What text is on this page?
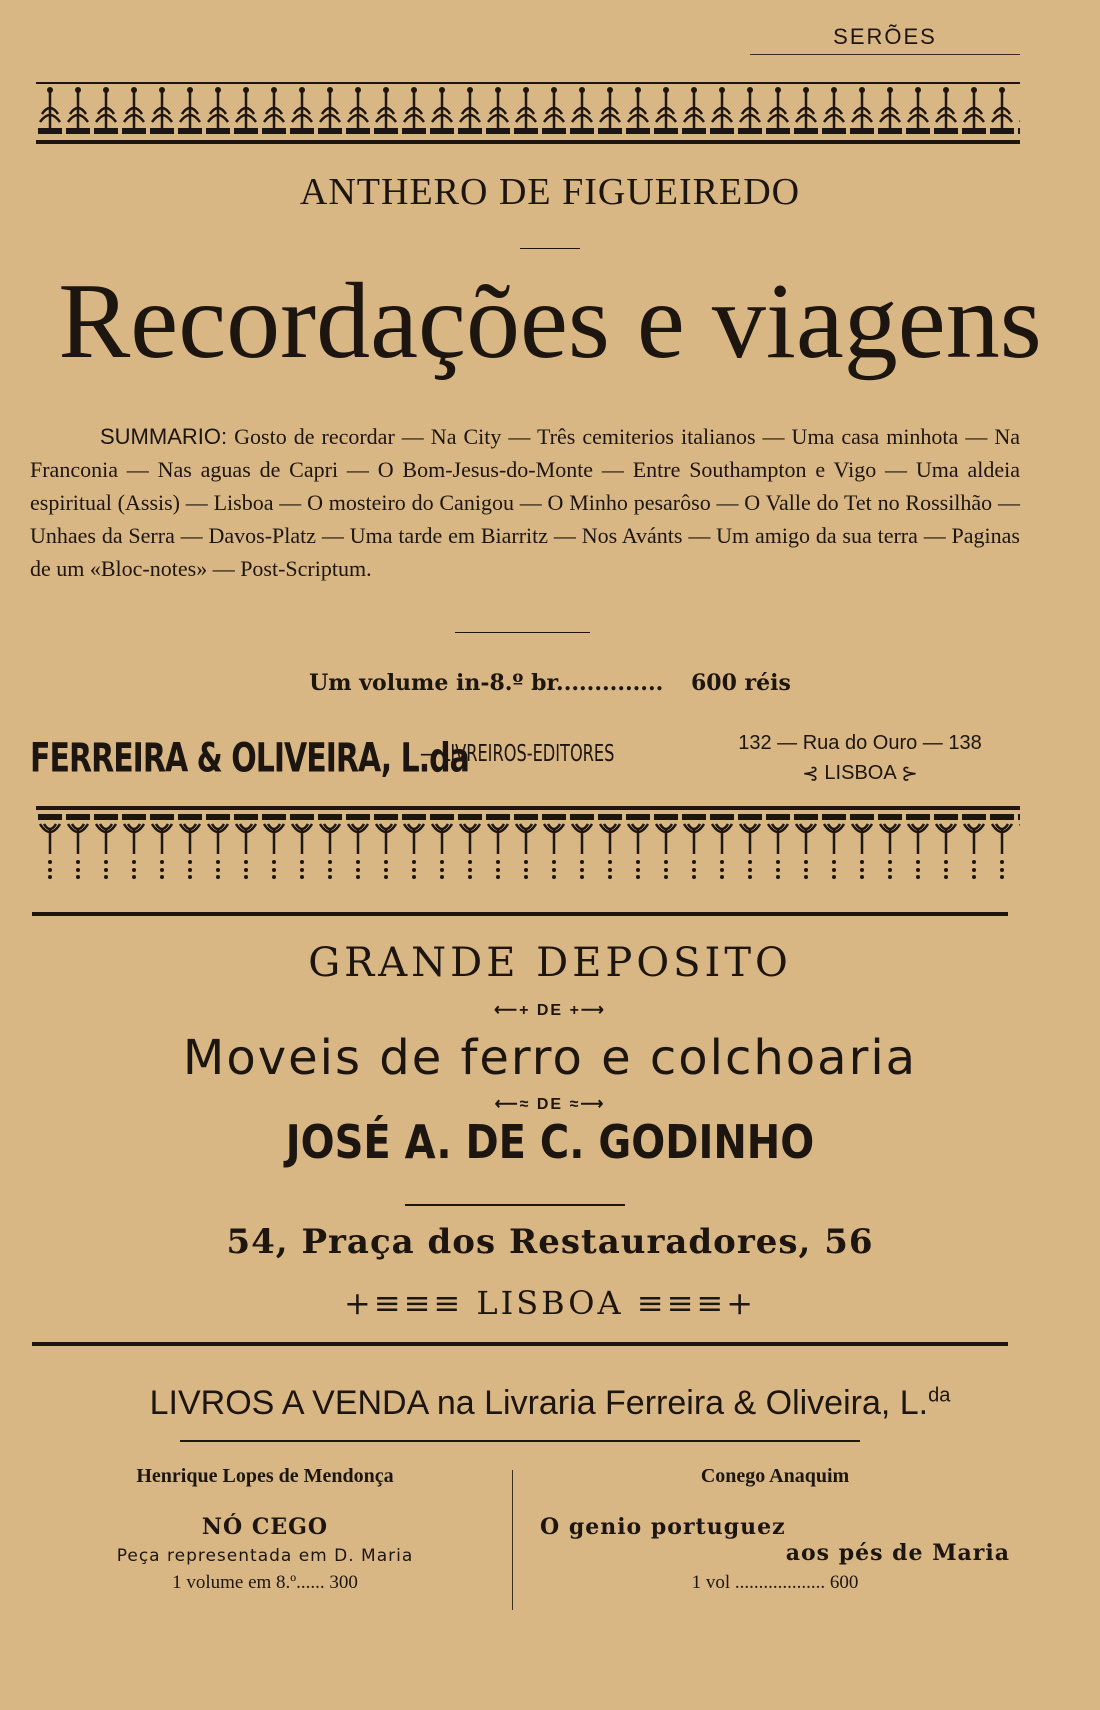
SERÕES
ANTHERO DE FIGUEIREDO
Recordações e viagens
SUMMARIO: Gosto de recordar — Na City — Três cemiterios italianos — Uma casa minhota — Na Franconia — Nas aguas de Capri — O Bom-Jesus-do-Monte — Entre Southampton e Vigo — Uma aldeia espiritual (Assis) — Lisboa — O mosteiro do Canigou — O Minho pesarôso — O Valle do Tet no Rossilhão — Unhaes da Serra — Davos-Platz — Uma tarde em Biarritz — Nos Avánts — Um amigo da sua terra — Paginas de um «Bloc-notes» — Post-Scriptum.
Um volume in-8.º br.............. 600 réis
FERREIRA & OLIVEIRA, L.da
— LIVREIROS-EDITORES	132 — Rua do Ouro — 138
⊰ LISBOA ⊱
GRANDE DEPOSITO
⟵+ DE +⟶
Moveis de ferro e colchoaria
⟵≈ DE ≈⟶
JOSÉ A. DE C. GODINHO
54, Praça dos Restauradores, 56
+≡≡≡ LISBOA ≡≡≡+
LIVROS A VENDA na Livraria Ferreira & Oliveira, L.$^{da}$
Henrique Lopes de Mendonça
NÓ CEGO
Peça representada em D. Maria
1 volume em 8.º...... 300
Conego Anaquim
O genio portuguez
aos pés de Maria
1 vol ................... 600
